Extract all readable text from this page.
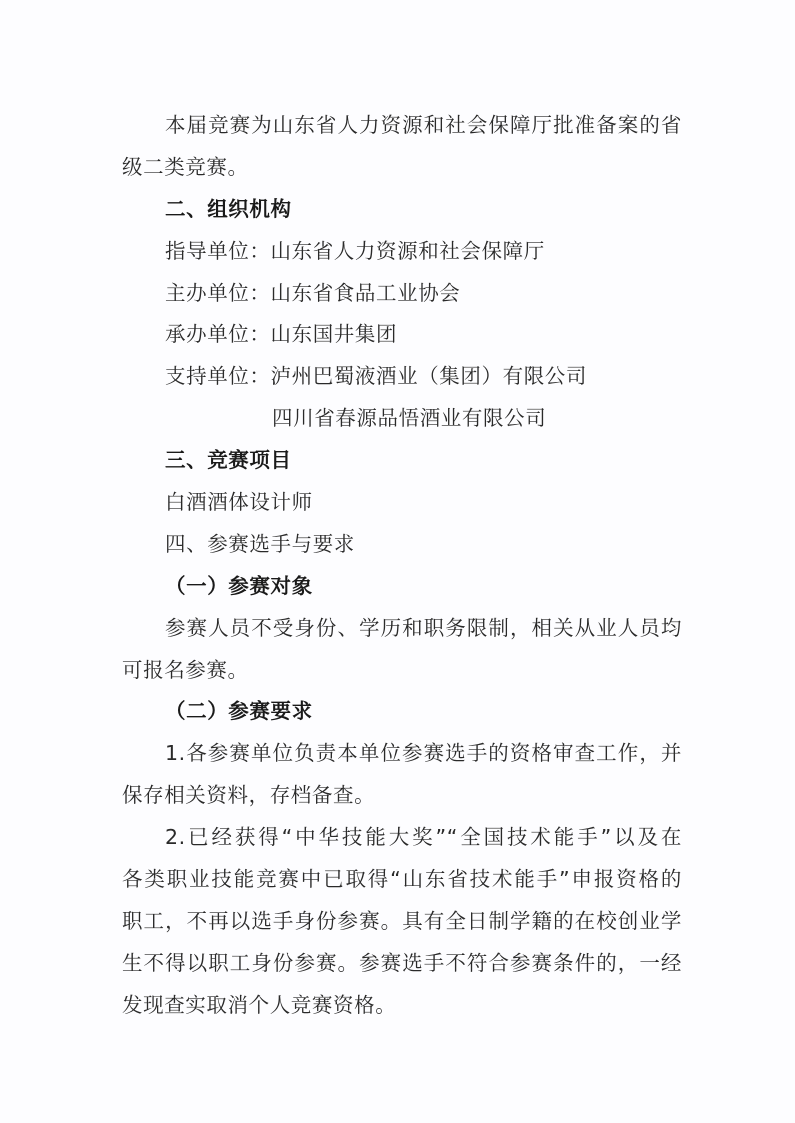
本届竞赛为山东省人力资源和社会保障厅批准备案的省
级二类竞赛。
二、组织机构
指导单位：山东省人力资源和社会保障厅
主办单位：山东省食品工业协会
承办单位：山东国井集团
支持单位：泸州巴蜀液酒业（集团）有限公司
四川省春源品悟酒业有限公司
三、竞赛项目
白酒酒体设计师
四、参赛选手与要求
（一）参赛对象
参赛人员不受身份、学历和职务限制，相关从业人员均
可报名参赛。
（二）参赛要求
1.各参赛单位负责本单位参赛选手的资格审查工作，并
保存相关资料，存档备查。
2.已经获得“中华技能大奖”“全国技术能手”以及在
各类职业技能竞赛中已取得“山东省技术能手”申报资格的
职工，不再以选手身份参赛。具有全日制学籍的在校创业学
生不得以职工身份参赛。参赛选手不符合参赛条件的，一经
发现查实取消个人竞赛资格。
